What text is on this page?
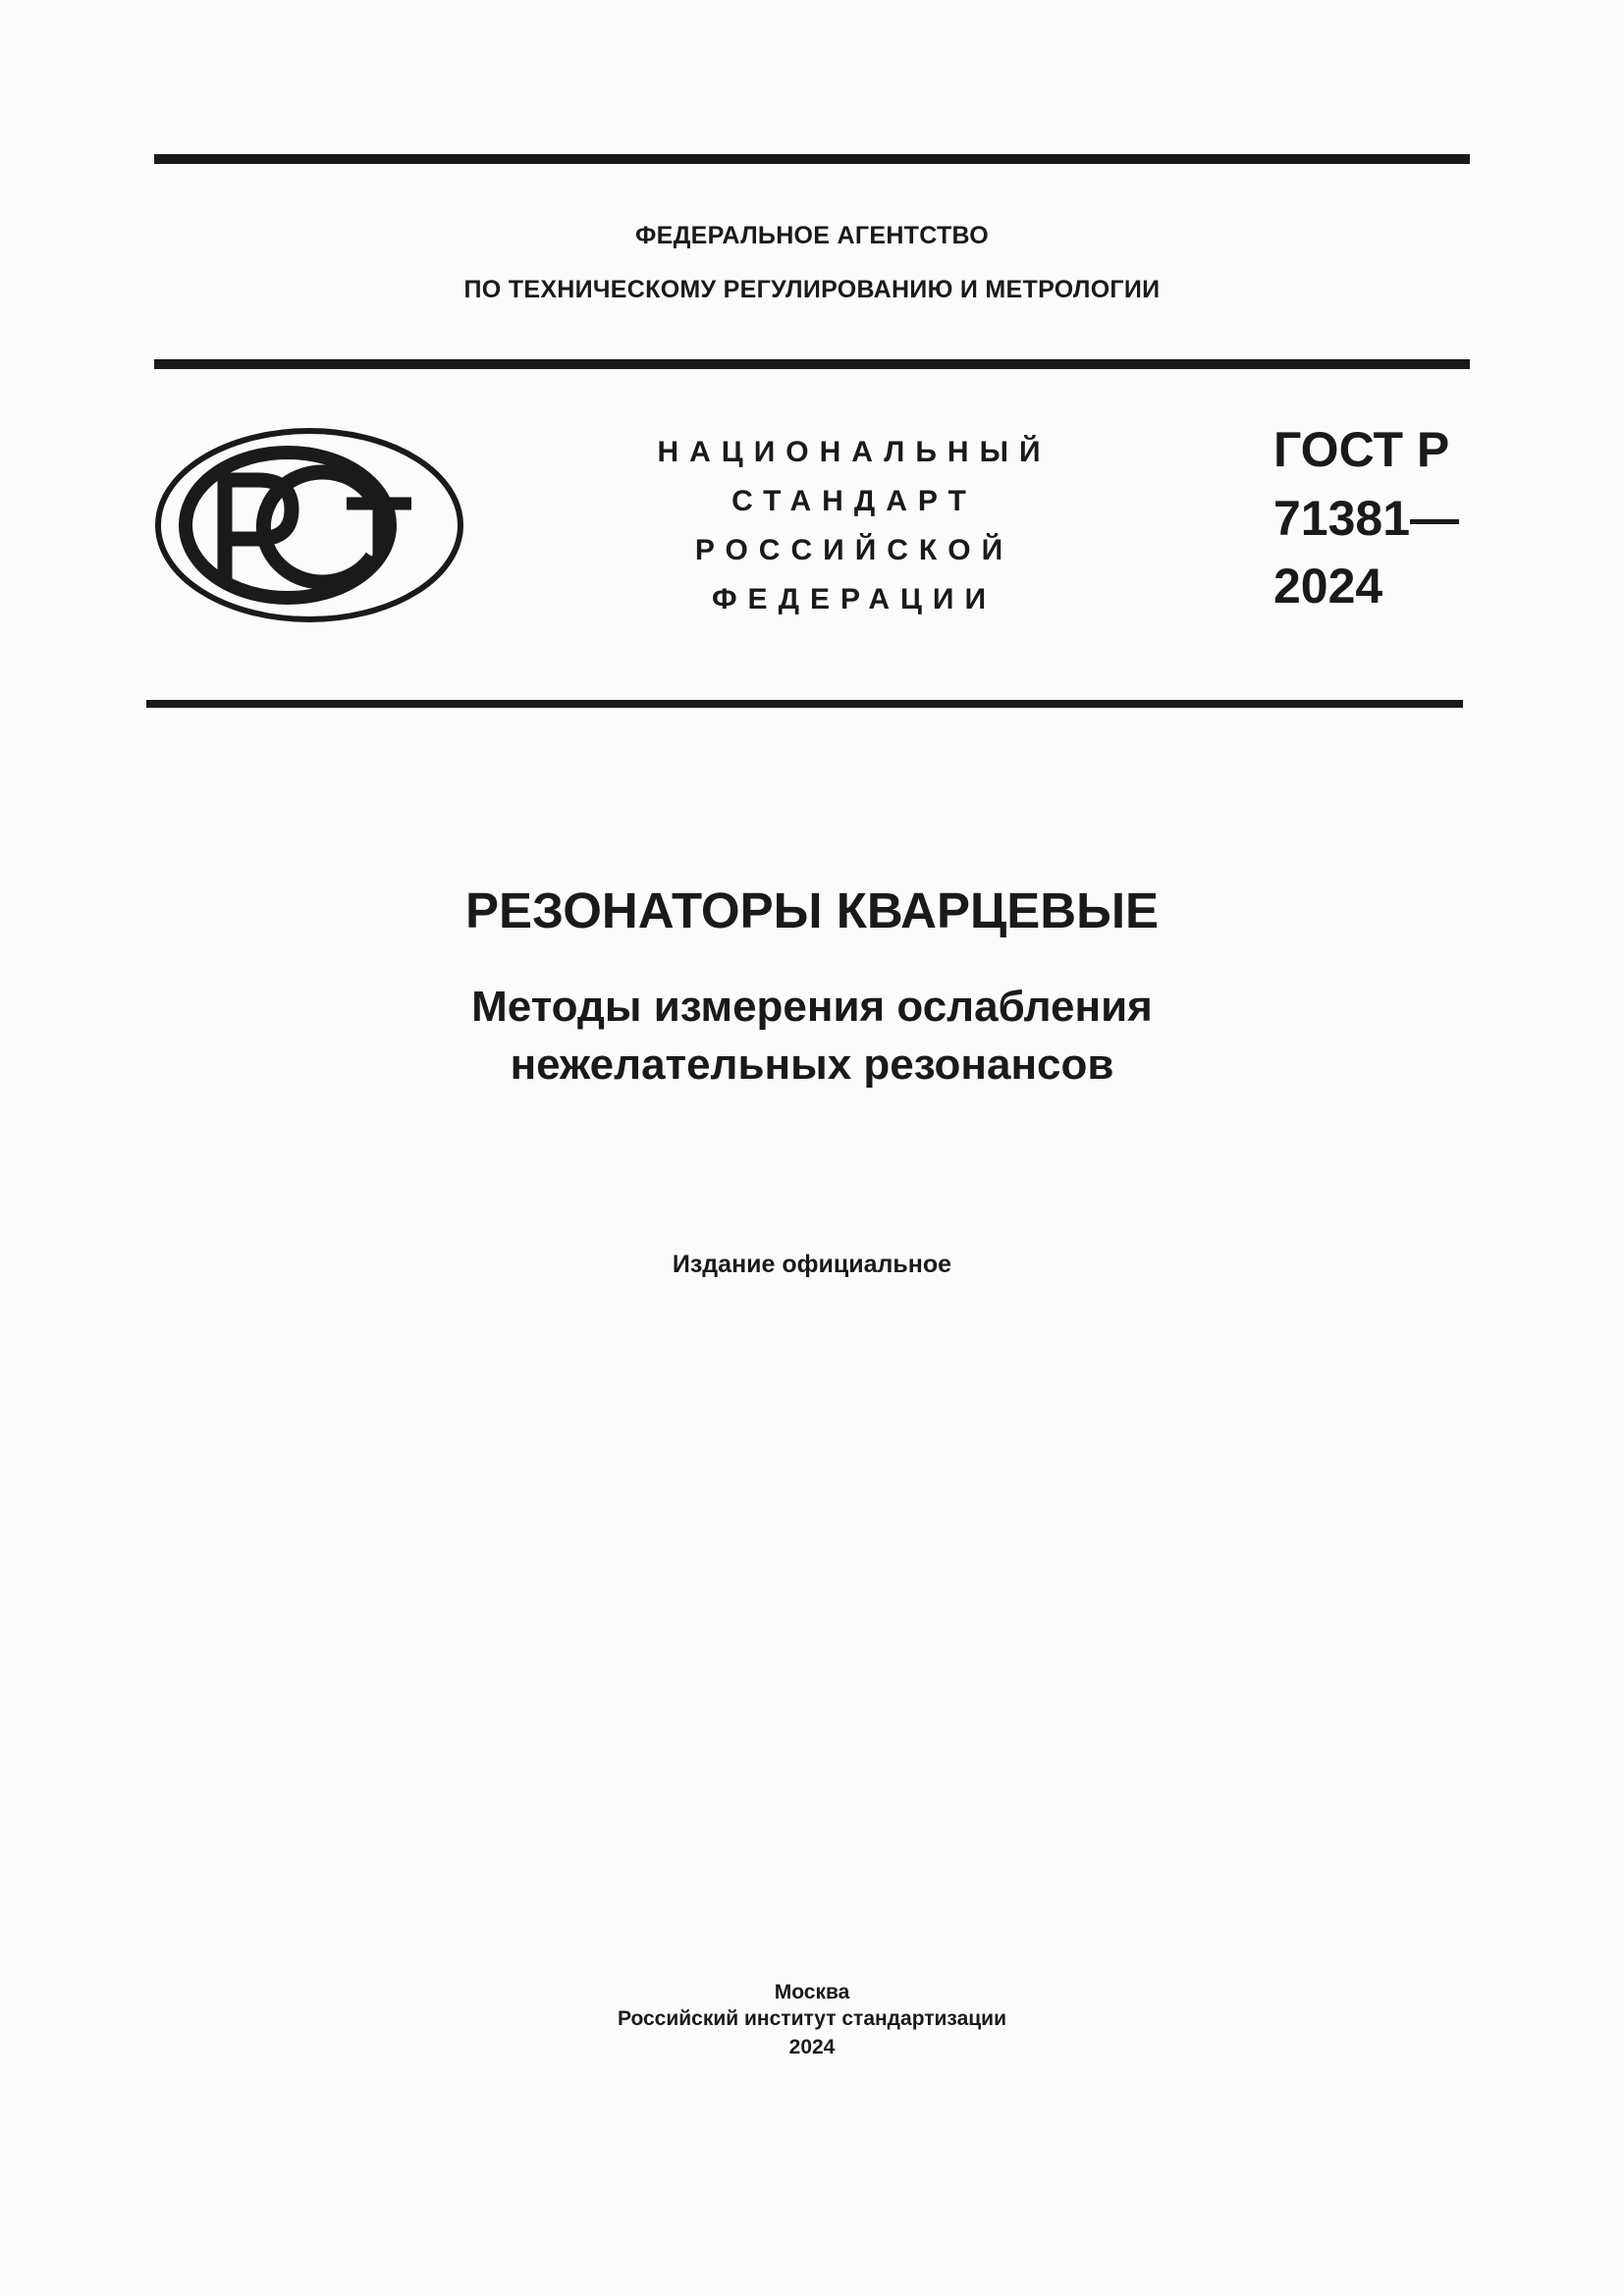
ФЕДЕРАЛЬНОЕ АГЕНТСТВО
ПО ТЕХНИЧЕСКОМУ РЕГУЛИРОВАНИЮ И МЕТРОЛОГИИ
НАЦИОНАЛЬНЫЙ
СТАНДАРТ
РОССИЙСКОЙ
ФЕДЕРАЦИИ
ГОСТ Р
71381—
2024
РЕЗОНАТОРЫ КВАРЦЕВЫЕ
Методы измерения ослабления
нежелательных резонансов
Издание официальное
Москва
Российский институт стандартизации
2024
